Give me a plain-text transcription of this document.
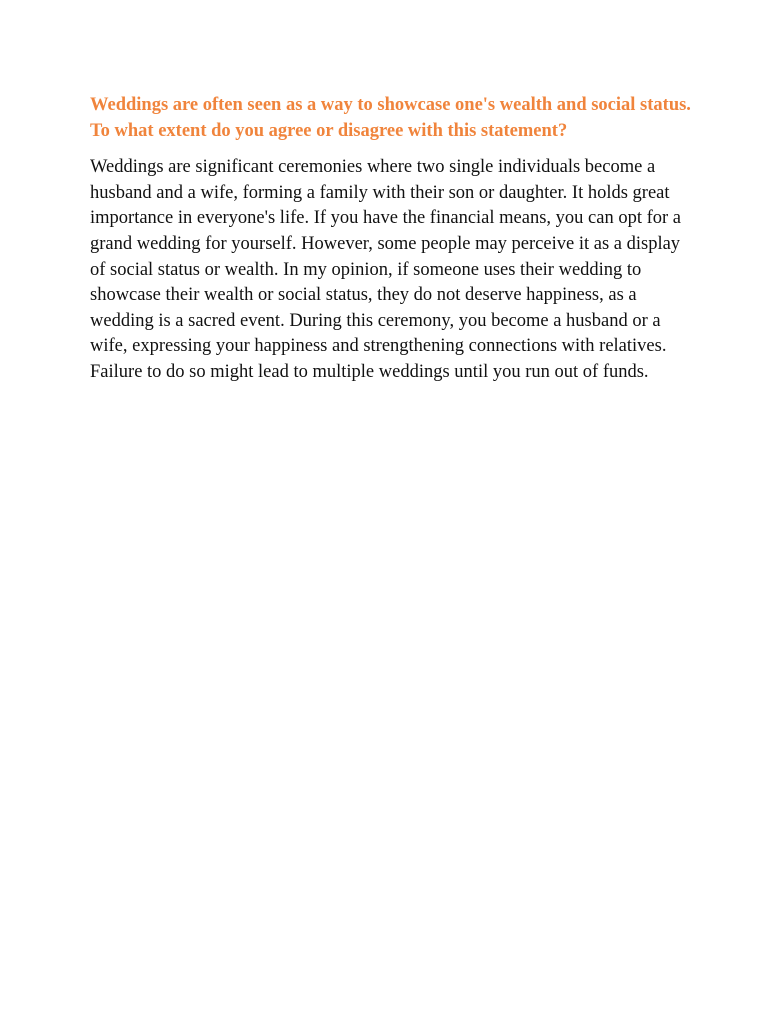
Weddings are often seen as a way to showcase one's wealth and social status. To what extent do you agree or disagree with this statement?

Weddings are significant ceremonies where two single individuals become a husband and a wife, forming a family with their son or daughter. It holds great importance in everyone's life. If you have the financial means, you can opt for a grand wedding for yourself. However, some people may perceive it as a display of social status or wealth. In my opinion, if someone uses their wedding to showcase their wealth or social status, they do not deserve happiness, as a wedding is a sacred event. During this ceremony, you become a husband or a wife, expressing your happiness and strengthening connections with relatives. Failure to do so might lead to multiple weddings until you run out of funds.
